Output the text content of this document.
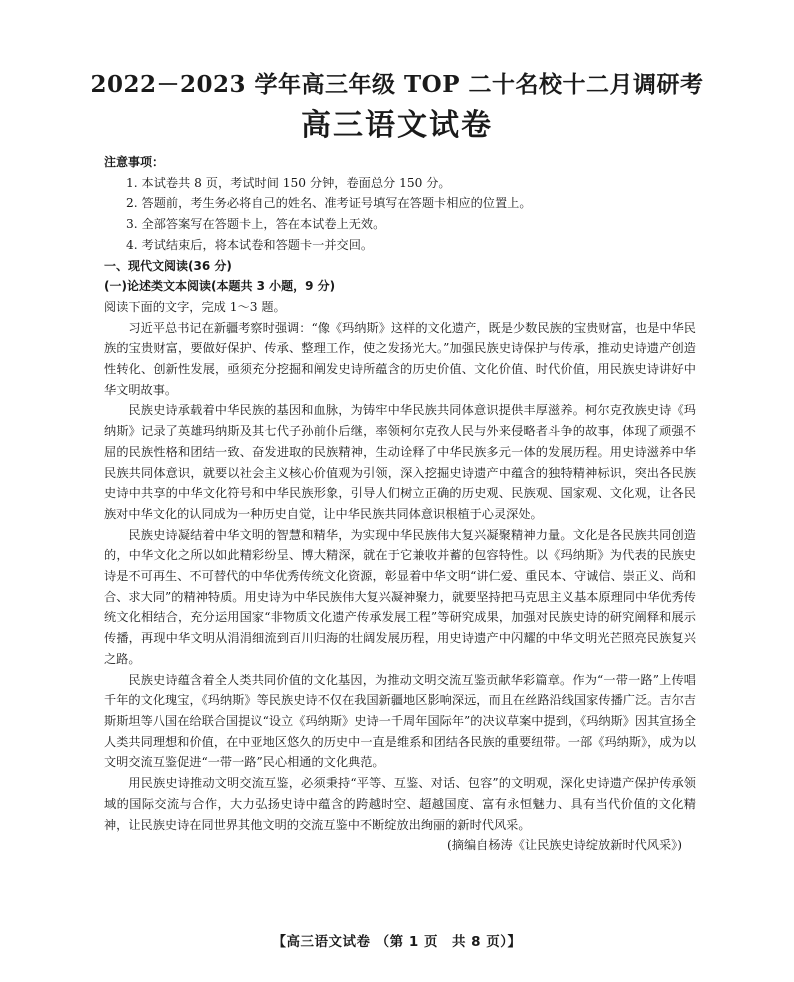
2022－2023 学年高三年级 TOP 二十名校十二月调研考
高三语文试卷

注意事项：

1. 本试卷共 8 页，考试时间 150 分钟，卷面总分 150 分。

2. 答题前，考生务必将自己的姓名、准考证号填写在答题卡相应的位置上。

3. 全部答案写在答题卡上，答在本试卷上无效。

4. 考试结束后，将本试卷和答题卡一并交回。

一、现代文阅读(36 分)

(一)论述类文本阅读(本题共 3 小题，9 分)

阅读下面的文字，完成 1～3 题。

习近平总书记在新疆考察时强调：“像《玛纳斯》这样的文化遗产，既是少数民族的宝贵财富，也是中华民族的宝贵财富，要做好保护、传承、整理工作，使之发扬光大。”加强民族史诗保护与传承，推动史诗遗产创造性转化、创新性发展，亟须充分挖掘和阐发史诗所蕴含的历史价值、文化价值、时代价值，用民族史诗讲好中华文明故事。

民族史诗承载着中华民族的基因和血脉，为铸牢中华民族共同体意识提供丰厚滋养。柯尔克孜族史诗《玛纳斯》记录了英雄玛纳斯及其七代子孙前仆后继，率领柯尔克孜人民与外来侵略者斗争的故事，体现了顽强不屈的民族性格和团结一致、奋发进取的民族精神，生动诠释了中华民族多元一体的发展历程。用史诗滋养中华民族共同体意识，就要以社会主义核心价值观为引领，深入挖掘史诗遗产中蕴含的独特精神标识，突出各民族史诗中共享的中华文化符号和中华民族形象，引导人们树立正确的历史观、民族观、国家观、文化观，让各民族对中华文化的认同成为一种历史自觉，让中华民族共同体意识根植于心灵深处。

民族史诗凝结着中华文明的智慧和精华，为实现中华民族伟大复兴凝聚精神力量。文化是各民族共同创造的，中华文化之所以如此精彩纷呈、博大精深，就在于它兼收并蓄的包容特性。以《玛纳斯》为代表的民族史诗是不可再生、不可替代的中华优秀传统文化资源，彰显着中华文明“讲仁爱、重民本、守诚信、崇正义、尚和合、求大同”的精神特质。用史诗为中华民族伟大复兴凝神聚力，就要坚持把马克思主义基本原理同中华优秀传统文化相结合，充分运用国家“非物质文化遗产传承发展工程”等研究成果，加强对民族史诗的研究阐释和展示传播，再现中华文明从涓涓细流到百川归海的壮阔发展历程，用史诗遗产中闪耀的中华文明光芒照亮民族复兴之路。

民族史诗蕴含着全人类共同价值的文化基因，为推动文明交流互鉴贡献华彩篇章。作为“一带一路”上传唱千年的文化瑰宝，《玛纳斯》等民族史诗不仅在我国新疆地区影响深远，而且在丝路沿线国家传播广泛。吉尔吉斯斯坦等八国在给联合国提议“设立《玛纳斯》史诗一千周年国际年”的决议草案中提到，《玛纳斯》因其宣扬全人类共同理想和价值，在中亚地区悠久的历史中一直是维系和团结各民族的重要纽带。一部《玛纳斯》，成为以文明交流互鉴促进“一带一路”民心相通的文化典范。

用民族史诗推动文明交流互鉴，必须秉持“平等、互鉴、对话、包容”的文明观，深化史诗遗产保护传承领域的国际交流与合作，大力弘扬史诗中蕴含的跨越时空、超越国度、富有永恒魅力、具有当代价值的文化精神，让民族史诗在同世界其他文明的交流互鉴中不断绽放出绚丽的新时代风采。

(摘编自杨涛《让民族史诗绽放新时代风采》)

【高三语文试卷 （第 1 页　共 8 页）】
